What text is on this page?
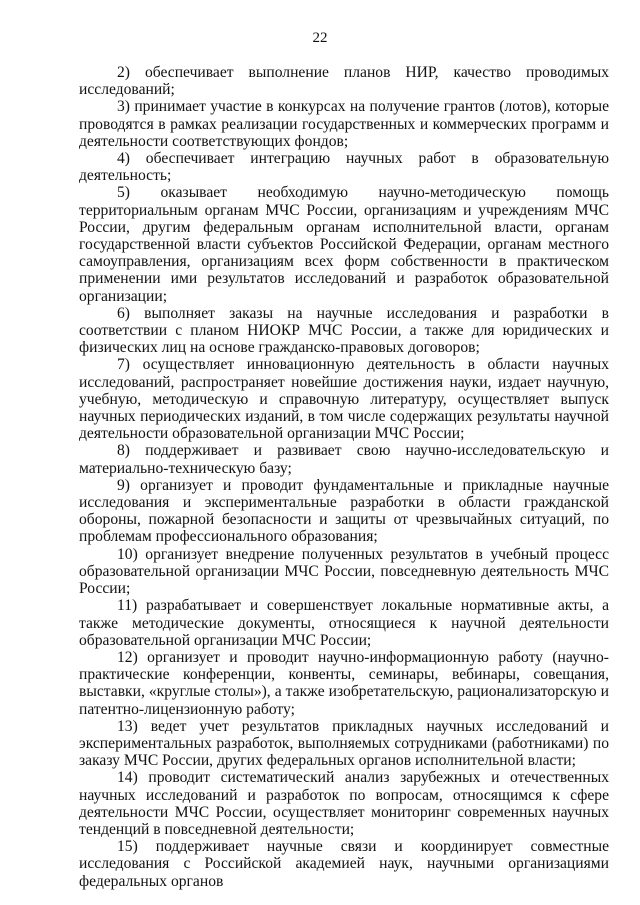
22

2) обеспечивает выполнение планов НИР, качество проводимых исследований;

3) принимает участие в конкурсах на получение грантов (лотов), которые проводятся в рамках реализации государственных и коммерческих программ и деятельности соответствующих фондов;

4) обеспечивает интеграцию научных работ в образовательную деятельность;

5) оказывает необходимую научно-методическую помощь территориальным органам МЧС России, организациям и учреждениям МЧС России, другим федеральным органам исполнительной власти, органам государственной власти субъектов Российской Федерации, органам местного самоуправления, организациям всех форм собственности в практическом применении ими результатов исследований и разработок образовательной организации;

6) выполняет заказы на научные исследования и разработки в соответствии с планом НИОКР МЧС России, а также для юридических и физических лиц на основе гражданско-правовых договоров;

7) осуществляет инновационную деятельность в области научных исследований, распространяет новейшие достижения науки, издает научную, учебную, методическую и справочную литературу, осуществляет выпуск научных периодических изданий, в том числе содержащих результаты научной деятельности образовательной организации МЧС России;

8) поддерживает и развивает свою научно-исследовательскую и материально-техническую базу;

9) организует и проводит фундаментальные и прикладные научные исследования и экспериментальные разработки в области гражданской обороны, пожарной безопасности и защиты от чрезвычайных ситуаций, по проблемам профессионального образования;

10) организует внедрение полученных результатов в учебный процесс образовательной организации МЧС России, повседневную деятельность МЧС России;

11) разрабатывает и совершенствует локальные нормативные акты, а также методические документы, относящиеся к научной деятельности образовательной организации МЧС России;

12) организует и проводит научно-информационную работу (научно-практические конференции, конвенты, семинары, вебинары, совещания, выставки, «круглые столы»), а также изобретательскую, рационализаторскую и патентно-лицензионную работу;

13) ведет учет результатов прикладных научных исследований и экспериментальных разработок, выполняемых сотрудниками (работниками) по заказу МЧС России, других федеральных органов исполнительной власти;

14) проводит систематический анализ зарубежных и отечественных научных исследований и разработок по вопросам, относящимся к сфере деятельности МЧС России, осуществляет мониторинг современных научных тенденций в повседневной деятельности;

15) поддерживает научные связи и координирует совместные исследования с Российской академией наук, научными организациями федеральных органов
